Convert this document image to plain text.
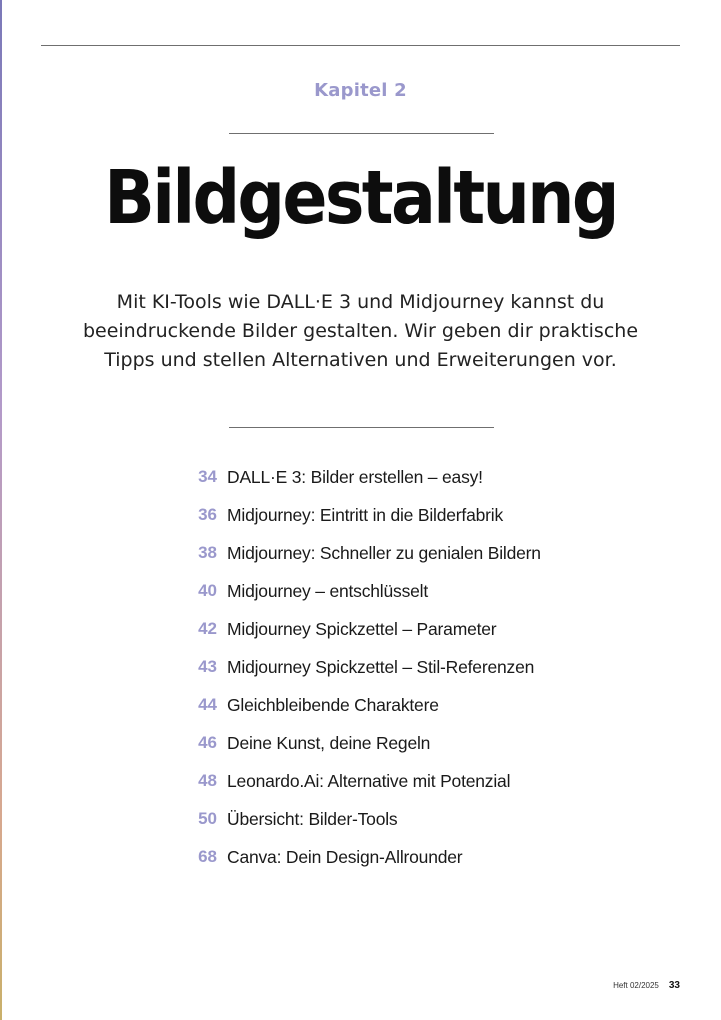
Kapitel 2
Bildgestaltung
Mit KI-Tools wie DALL·E 3 und Midjourney kannst du
beeindruckende Bilder gestalten. Wir geben dir praktische
Tipps und stellen Alternativen und Erweiterungen vor.
34 DALL·E 3: Bilder erstellen – easy!
36 Midjourney: Eintritt in die Bilderfabrik
38 Midjourney: Schneller zu genialen Bildern
40 Midjourney – entschlüsselt
42 Midjourney Spickzettel – Parameter
43 Midjourney Spickzettel – Stil-Referenzen
44 Gleichbleibende Charaktere
46 Deine Kunst, deine Regeln
48 Leonardo.Ai: Alternative mit Potenzial
50 Übersicht: Bilder-Tools
68 Canva: Dein Design-Allrounder
Heft 02/2025 33
